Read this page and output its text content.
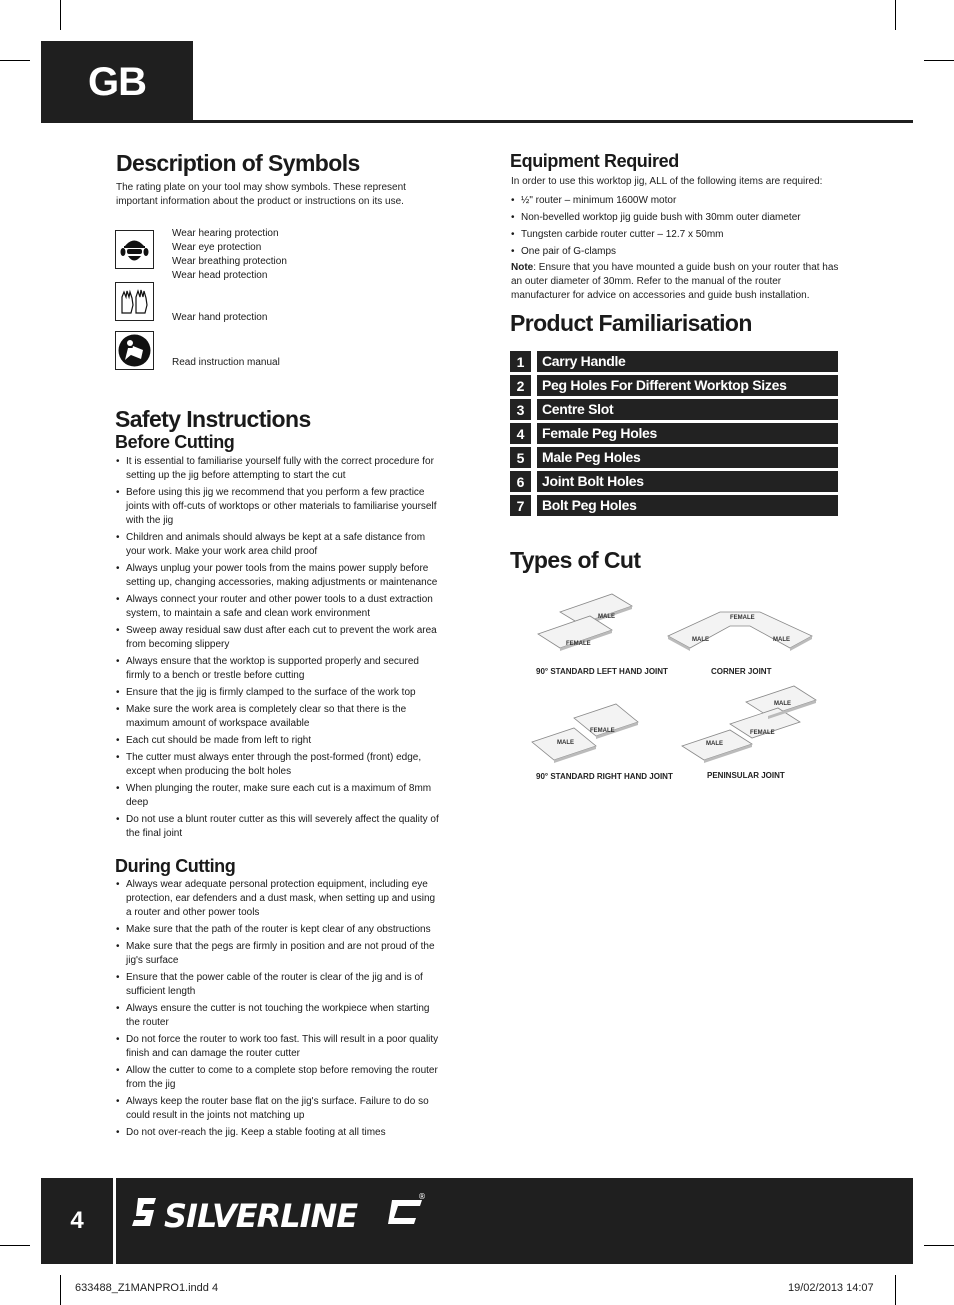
GB
Description of Symbols
The rating plate on your tool may show symbols. These represent important information about the product or instructions on its use.
Wear hearing protection
Wear eye protection
Wear breathing protection
Wear head protection
Wear hand protection
Read instruction manual
Safety Instructions
Before Cutting
• It is essential to familiarise yourself fully with the correct procedure for setting up the jig before attempting to start the cut
• Before using this jig we recommend that you perform a few practice joints with off-cuts of worktops or other materials to familiarise yourself with the jig
• Children and animals should always be kept at a safe distance from your work. Make your work area child proof
• Always unplug your power tools from the mains power supply before setting up, changing accessories, making adjustments or maintenance
• Always connect your router and other power tools to a dust extraction system, to maintain a safe and clean work environment
• Sweep away residual saw dust after each cut to prevent the work area from becoming slippery
• Always ensure that the worktop is supported properly and secured firmly to a bench or trestle before cutting
• Ensure that the jig is firmly clamped to the surface of the work top
• Make sure the work area is completely clear so that there is the maximum amount of workspace available
• Each cut should be made from left to right
• The cutter must always enter through the post-formed (front) edge, except when producing the bolt holes
• When plunging the router, make sure each cut is a maximum of 8mm deep
• Do not use a blunt router cutter as this will severely affect the quality of the final joint
During Cutting
• Always wear adequate personal protection equipment, including eye protection, ear defenders and a dust mask, when setting up and using a router and other power tools
• Make sure that the path of the router is kept clear of any obstructions
• Make sure that the pegs are firmly in position and are not proud of the jig's surface
• Ensure that the power cable of the router is clear of the jig and is of sufficient length
• Always ensure the cutter is not touching the workpiece when starting the router
• Do not force the router to work too fast. This will result in a poor quality finish and can damage the router cutter
• Allow the cutter to come to a complete stop before removing the router from the jig
• Always keep the router base flat on the jig's surface. Failure to do so could result in the joints not matching up
• Do not over-reach the jig. Keep a stable footing at all times
Equipment Required
In order to use this worktop jig, ALL of the following items are required:
• ½" router – minimum 1600W motor
• Non-bevelled worktop jig guide bush with 30mm outer diameter
• Tungsten carbide router cutter – 12.7 x 50mm
• One pair of G-clamps
Note: Ensure that you have mounted a guide bush on your router that has an outer diameter of 30mm. Refer to the manual of the router manufacturer for advice on accessories and guide bush installation.
Product Familiarisation
1	Carry Handle
2	Peg Holes For Different Worktop Sizes
3	Centre Slot
4	Female Peg Holes
5	Male Peg Holes
6	Joint Bolt Holes
7	Bolt Peg Holes
Types of Cut
MALE
FEMALE
FEMALE
MALE	MALE
FEMALE
MALE
MALE
FEMALE
MALE
90° STANDARD LEFT HAND JOINT	CORNER JOINT
90° STANDARD RIGHT HAND JOINT	PENINSULAR JOINT
4	SILVERLINE
®
633488_Z1MANPRO1.indd 4	19/02/2013 14:07
